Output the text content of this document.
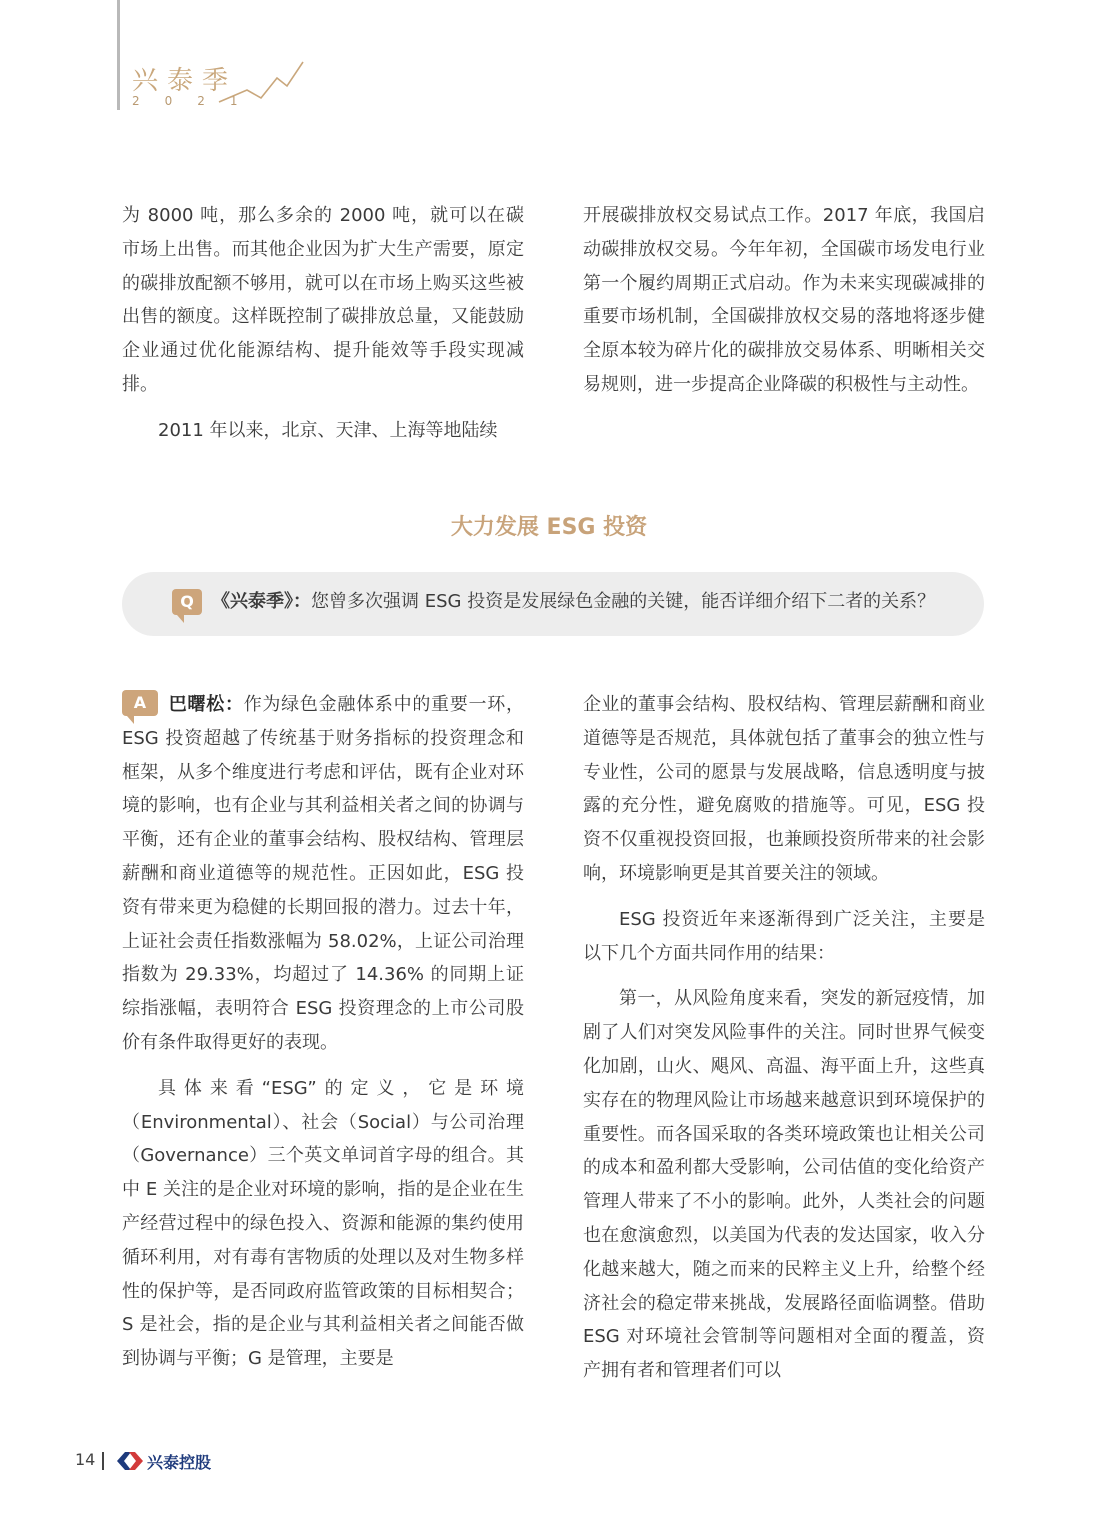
兴泰季
2021

为 8000 吨，那么多余的 2000 吨，就可以在碳市场上出售。而其他企业因为扩大生产需要，原定的碳排放配额不够用，就可以在市场上购买这些被出售的额度。这样既控制了碳排放总量，又能鼓励企业通过优化能源结构、提升能效等手段实现减排。

2011 年以来，北京、天津、上海等地陆续

开展碳排放权交易试点工作。2017 年底，我国启动碳排放权交易。今年年初，全国碳市场发电行业第一个履约周期正式启动。作为未来实现碳减排的重要市场机制，全国碳排放权交易的落地将逐步健全原本较为碎片化的碳排放交易体系、明晰相关交易规则，进一步提高企业降碳的积极性与主动性。

大力发展 ESG 投资
Q	《兴泰季》：您曾多次强调 ESG 投资是发展绿色金融的关键，能否详细介绍下二者的关系？

A 巴曙松：作为绿色金融体系中的重要一环，ESG 投资超越了传统基于财务指标的投资理念和框架，从多个维度进行考虑和评估，既有企业对环境的影响，也有企业与其利益相关者之间的协调与平衡，还有企业的董事会结构、股权结构、管理层薪酬和商业道德等的规范性。正因如此，ESG 投资有带来更为稳健的长期回报的潜力。过去十年，上证社会责任指数涨幅为 58.02%，上证公司治理指数为 29.33%，均超过了 14.36% 的同期上证综指涨幅，表明符合 ESG 投资理念的上市公司股价有条件取得更好的表现。

具体来看“ESG”的定义，它是环境（Environmental）、社会（Social）与公司治理（Governance）三个英文单词首字母的组合。其中 E 关注的是企业对环境的影响，指的是企业在生产经营过程中的绿色投入、资源和能源的集约使用循环利用，对有毒有害物质的处理以及对生物多样性的保护等，是否同政府监管政策的目标相契合；S 是社会，指的是企业与其利益相关者之间能否做到协调与平衡；G 是管理，主要是

企业的董事会结构、股权结构、管理层薪酬和商业道德等是否规范，具体就包括了董事会的独立性与专业性，公司的愿景与发展战略，信息透明度与披露的充分性，避免腐败的措施等。可见，ESG 投资不仅重视投资回报，也兼顾投资所带来的社会影响，环境影响更是其首要关注的领域。

ESG 投资近年来逐渐得到广泛关注，主要是以下几个方面共同作用的结果：

第一，从风险角度来看，突发的新冠疫情，加剧了人们对突发风险事件的关注。同时世界气候变化加剧，山火、飓风、高温、海平面上升，这些真实存在的物理风险让市场越来越意识到环境保护的重要性。而各国采取的各类环境政策也让相关公司的成本和盈利都大受影响，公司估值的变化给资产管理人带来了不小的影响。此外，人类社会的问题也在愈演愈烈，以美国为代表的发达国家，收入分化越来越大，随之而来的民粹主义上升，给整个经济社会的稳定带来挑战，发展路径面临调整。借助 ESG 对环境社会管制等问题相对全面的覆盖，资产拥有者和管理者们可以

14	兴泰控股
